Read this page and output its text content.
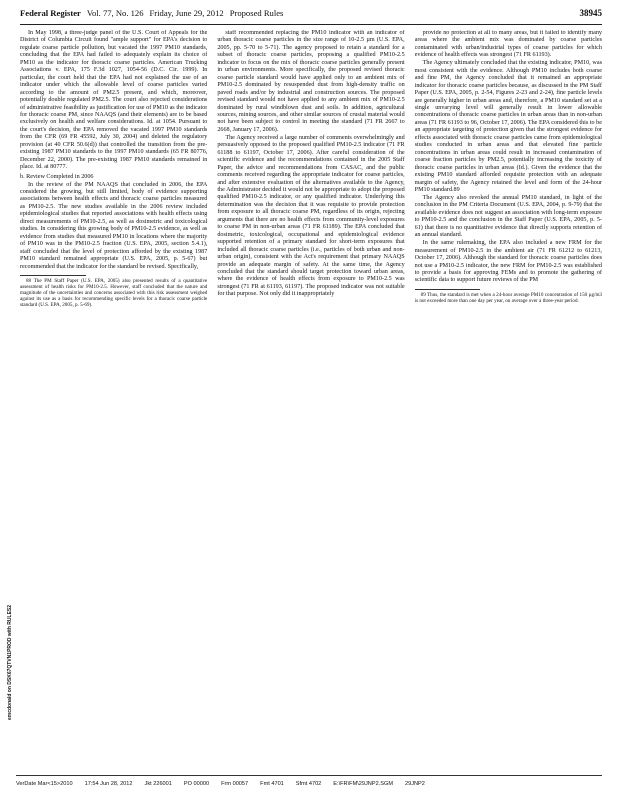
Federal Register Vol. 77, No. 126 Friday, June 29, 2012 Proposed Rules	38945

In May 1998, a three-judge panel of the U.S. Court of Appeals for the District of Columbia Circuit found "ample support" for EPA's decision to regulate coarse particle pollution, but vacated the 1997 PM10 standards, concluding that the EPA had failed to adequately explain its choice of PM10 as the indicator for thoracic coarse particles. American Trucking Associations v. EPA, 175 F.3d 1027, 1054-56 (D.C. Cir. 1999). In particular, the court held that the EPA had not explained the use of an indicator under which the allowable level of coarse particles varied according to the amount of PM2.5 present, and which, moreover, potentially double regulated PM2.5. The court also rejected considerations of administrative feasibility as justification for use of PM10 as the indicator for thoracic coarse PM, since NAAQS (and their elements) are to be based exclusively on health and welfare considerations. Id. at 1054. Pursuant to the court's decision, the EPA removed the vacated 1997 PM10 standards from the CFR (69 FR 45592, July 30, 2004) and deleted the regulatory provision (at 40 CFR 50.6(d)) that controlled the transition from the pre-existing 1987 PM10 standards to the 1997 PM10 standards (65 FR 80776, December 22, 2000). The pre-existing 1987 PM10 standards remained in place. Id. at 80777.

b. Review Completed in 2006

In the review of the PM NAAQS that concluded in 2006, the EPA considered the growing, but still limited, body of evidence supporting associations between health effects and thoracic coarse particles measured as PM10-2.5. The new studies available in the 2006 review included epidemiological studies that reported associations with health effects using direct measurements of PM10-2.5, as well as dosimetric and toxicological studies. In considering this growing body of PM10-2.5 evidence, as well as evidence from studies that measured PM10 in locations where the majority of PM10 was in the PM10-2.5 fraction (U.S. EPA, 2005, section 5.4.1), staff concluded that the level of protection afforded by the existing 1987 PM10 standard remained appropriate (U.S. EPA, 2005, p. 5-67) but recommended that the indicator for the standard be revised. Specifically,

88 The PM Staff Paper (U.S. EPA, 2005) also presented results of a quantitative assessment of health risks for PM10-2.5. However, staff concluded that the nature and magnitude of the uncertainties and concerns associated with this risk assessment weighed against its use as a basis for recommending specific levels for a thoracic coarse particle standard (U.S. EPA, 2005, p. 5-69).

staff recommended replacing the PM10 indicator with an indicator of urban thoracic coarse particles in the size range of 10-2.5 µm (U.S. EPA, 2005, pp. 5-70 to 5-71). The agency proposed to retain a standard for a subset of thoracic coarse particles, proposing a qualified PM10-2.5 indicator to focus on the mix of thoracic coarse particles generally present in urban environments. More specifically, the proposed revised thoracic coarse particle standard would have applied only to an ambient mix of PM10-2.5 dominated by resuspended dust from high-density traffic on paved roads and/or by industrial and construction sources. The proposed revised standard would not have applied to any ambient mix of PM10-2.5 dominated by rural windblown dust and soils. In addition, agricultural sources, mining sources, and other similar sources of crustal material would not have been subject to control in meeting the standard (71 FR 2667 to 2668, January 17, 2006).

The Agency received a large number of comments overwhelmingly and persuasively opposed to the proposed qualified PM10-2.5 indicator (71 FR 61188 to 61197, October 17, 2006). After careful consideration of the scientific evidence and the recommendations contained in the 2005 Staff Paper, the advice and recommendations from CASAC, and the public comments received regarding the appropriate indicator for coarse particles, and after extensive evaluation of the alternatives available to the Agency, the Administrator decided it would not be appropriate to adopt the proposed qualified PM10-2.5 indicator, or any qualified indicator. Underlying this determination was the decision that it was requisite to provide protection from exposure to all thoracic coarse PM, regardless of its origin, rejecting arguments that there are no health effects from community-level exposures to coarse PM in non-urban areas (71 FR 61189). The EPA concluded that dosimetric, toxicological, occupational and epidemiological evidence supported retention of a primary standard for short-term exposures that included all thoracic coarse particles (i.e., particles of both urban and non-urban origin), consistent with the Act's requirement that primary NAAQS provide an adequate margin of safety. At the same time, the Agency concluded that the standard should target protection toward urban areas, where the evidence of health effects from exposure to PM10-2.5 was strongest (71 FR at 61193, 61197). The proposed indicator was not suitable for that purpose. Not only did it inappropriately

provide no protection at all to many areas, but it failed to identify many areas where the ambient mix was dominated by coarse particles contaminated with urban/industrial types of coarse particles for which evidence of health effects was strongest (71 FR 61193).

The Agency ultimately concluded that the existing indicator, PM10, was most consistent with the evidence. Although PM10 includes both coarse and fine PM, the Agency concluded that it remained an appropriate indicator for thoracic coarse particles because, as discussed in the PM Staff Paper (U.S. EPA, 2005, p. 2-54, Figures 2-23 and 2-24), fine particle levels are generally higher in urban areas and, therefore, a PM10 standard set at a single unvarying level will generally result in lower allowable concentrations of thoracic coarse particles in urban areas than in non-urban areas (71 FR 61193 to 96, October 17, 2006). The EPA considered this to be an appropriate targeting of protection given that the strongest evidence for effects associated with thoracic coarse particles came from epidemiological studies conducted in urban areas and that elevated fine particle concentrations in urban areas could result in increased contamination of coarse fraction particles by PM2.5, potentially increasing the toxicity of thoracic coarse particles in urban areas (Id.). Given the evidence that the existing PM10 standard afforded requisite protection with an adequate margin of safety, the Agency retained the level and form of the 24-hour PM10 standard.89

The Agency also revoked the annual PM10 standard, in light of the conclusion in the PM Criteria Document (U.S. EPA, 2004, p. 9-79) that the available evidence does not suggest an association with long-term exposure to PM10-2.5 and the conclusion in the Staff Paper (U.S. EPA, 2005, p. 5-61) that there is no quantitative evidence that directly supports retention of an annual standard.

In the same rulemaking, the EPA also included a new FRM for the measurement of PM10-2.5 in the ambient air (71 FR 61212 to 61213, October 17, 2006). Although the standard for thoracic coarse particles does not use a PM10-2.5 indicator, the new FRM for PM10-2.5 was established to provide a basis for approving FEMs and to promote the gathering of scientific data to support future reviews of the PM

89 Thus, the standard is met when a 24-hour average PM10 concentration of 150 µg/m3 is not exceeded more than one day per year, on average over a three-year period.

emcdonald on DSK67QTVN1PROD with RULES2
VerDate Mar<15>2010 17:54 Jun 28, 2012 Jkt 226001 PO 00000 Frm 00057 Fmt 4701 Sfmt 4702 E:\FR\FM\29JNP2.SGM 29JNP2
